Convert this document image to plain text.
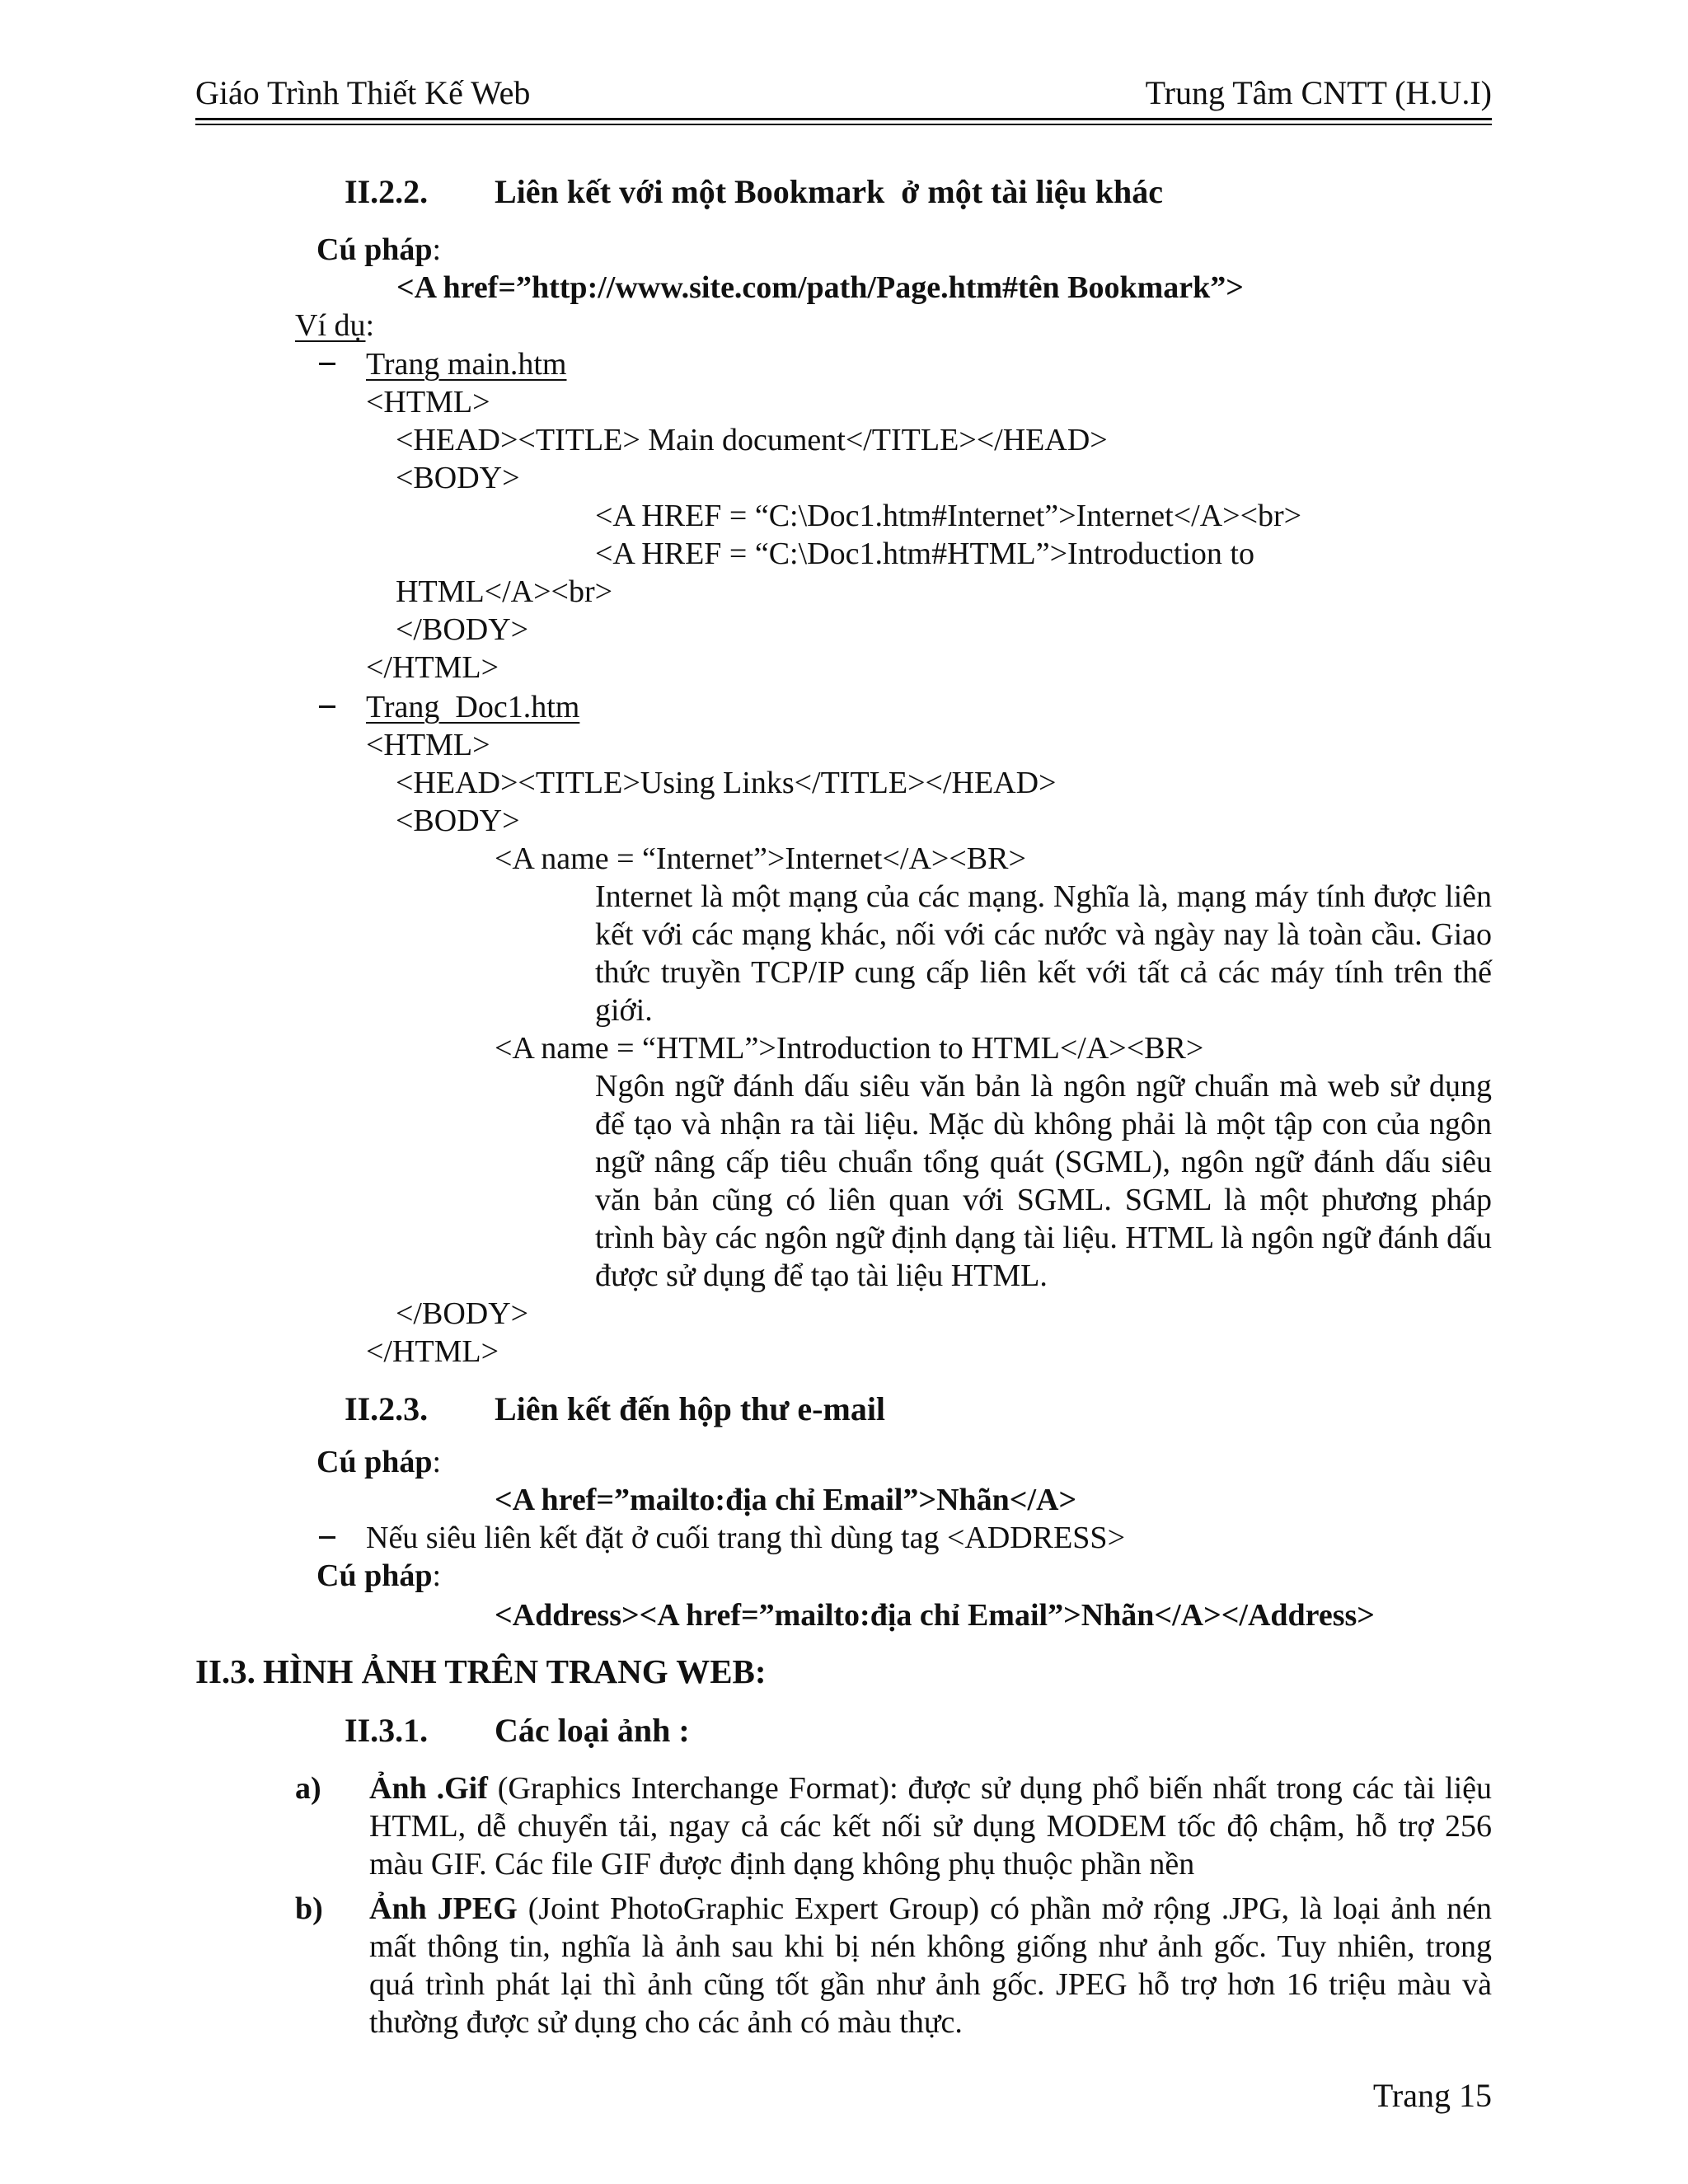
Giáo Trình Thiết Kế Web	Trung Tâm CNTT (H.U.I)
II.2.2. Liên kết với một Bookmark  ở một tài liệu khác
Cú pháp:
<A href=”http://www.site.com/path/Page.htm#tên Bookmark”>
Ví dụ:
Trang main.htm
<HTML>
<HEAD><TITLE> Main document</TITLE></HEAD>
<BODY>
<A HREF = “C:\Doc1.htm#Internet”>Internet</A><br>
<A HREF = “C:\Doc1.htm#HTML”>Introduction to
HTML</A><br>
</BODY>
</HTML>
Trang  Doc1.htm
<HTML>
<HEAD><TITLE>Using Links</TITLE></HEAD>
<BODY>
<A name = “Internet”>Internet</A><BR>
Internet là một mạng của các mạng. Nghĩa là, mạng máy tính được liên kết với các mạng khác, nối với các nước và ngày nay là toàn cầu. Giao thức truyền TCP/IP cung cấp liên kết với tất cả các máy tính trên thế giới.
<A name = “HTML”>Introduction to HTML</A><BR>
Ngôn ngữ đánh dấu siêu văn bản là ngôn ngữ chuẩn mà web sử dụng để tạo và nhận ra tài liệu. Mặc dù không phải là một tập con của ngôn ngữ nâng cấp tiêu chuẩn tổng quát (SGML), ngôn ngữ đánh dấu siêu văn bản cũng có liên quan với SGML. SGML là một phương pháp trình bày các ngôn ngữ định dạng tài liệu. HTML là ngôn ngữ đánh dấu được sử dụng để tạo tài liệu HTML.
</BODY>
</HTML>
II.2.3. Liên kết đến hộp thư e-mail
Cú pháp:
<A href=”mailto:địa chỉ Email”>Nhãn</A>
Nếu siêu liên kết đặt ở cuối trang thì dùng tag <ADDRESS>
Cú pháp:
<Address><A href=”mailto:địa chỉ Email”>Nhãn</A></Address>
II.3. HÌNH ẢNH TRÊN TRANG WEB:
II.3.1. Các loại ảnh :
a) Ảnh .Gif (Graphics Interchange Format): được sử dụng phổ biến nhất trong các tài liệu HTML, dễ chuyển tải, ngay cả các kết nối sử dụng MODEM tốc độ chậm, hỗ trợ 256 màu GIF. Các file GIF được định dạng không phụ thuộc phần nền
b) Ảnh JPEG (Joint PhotoGraphic Expert Group) có phần mở rộng .JPG, là loại ảnh nén mất thông tin, nghĩa là ảnh sau khi bị nén không giống như ảnh gốc. Tuy nhiên, trong quá trình phát lại thì ảnh cũng tốt gần như ảnh gốc. JPEG hỗ trợ hơn 16 triệu màu và thường được sử dụng cho các ảnh có màu thực.
Trang 15
